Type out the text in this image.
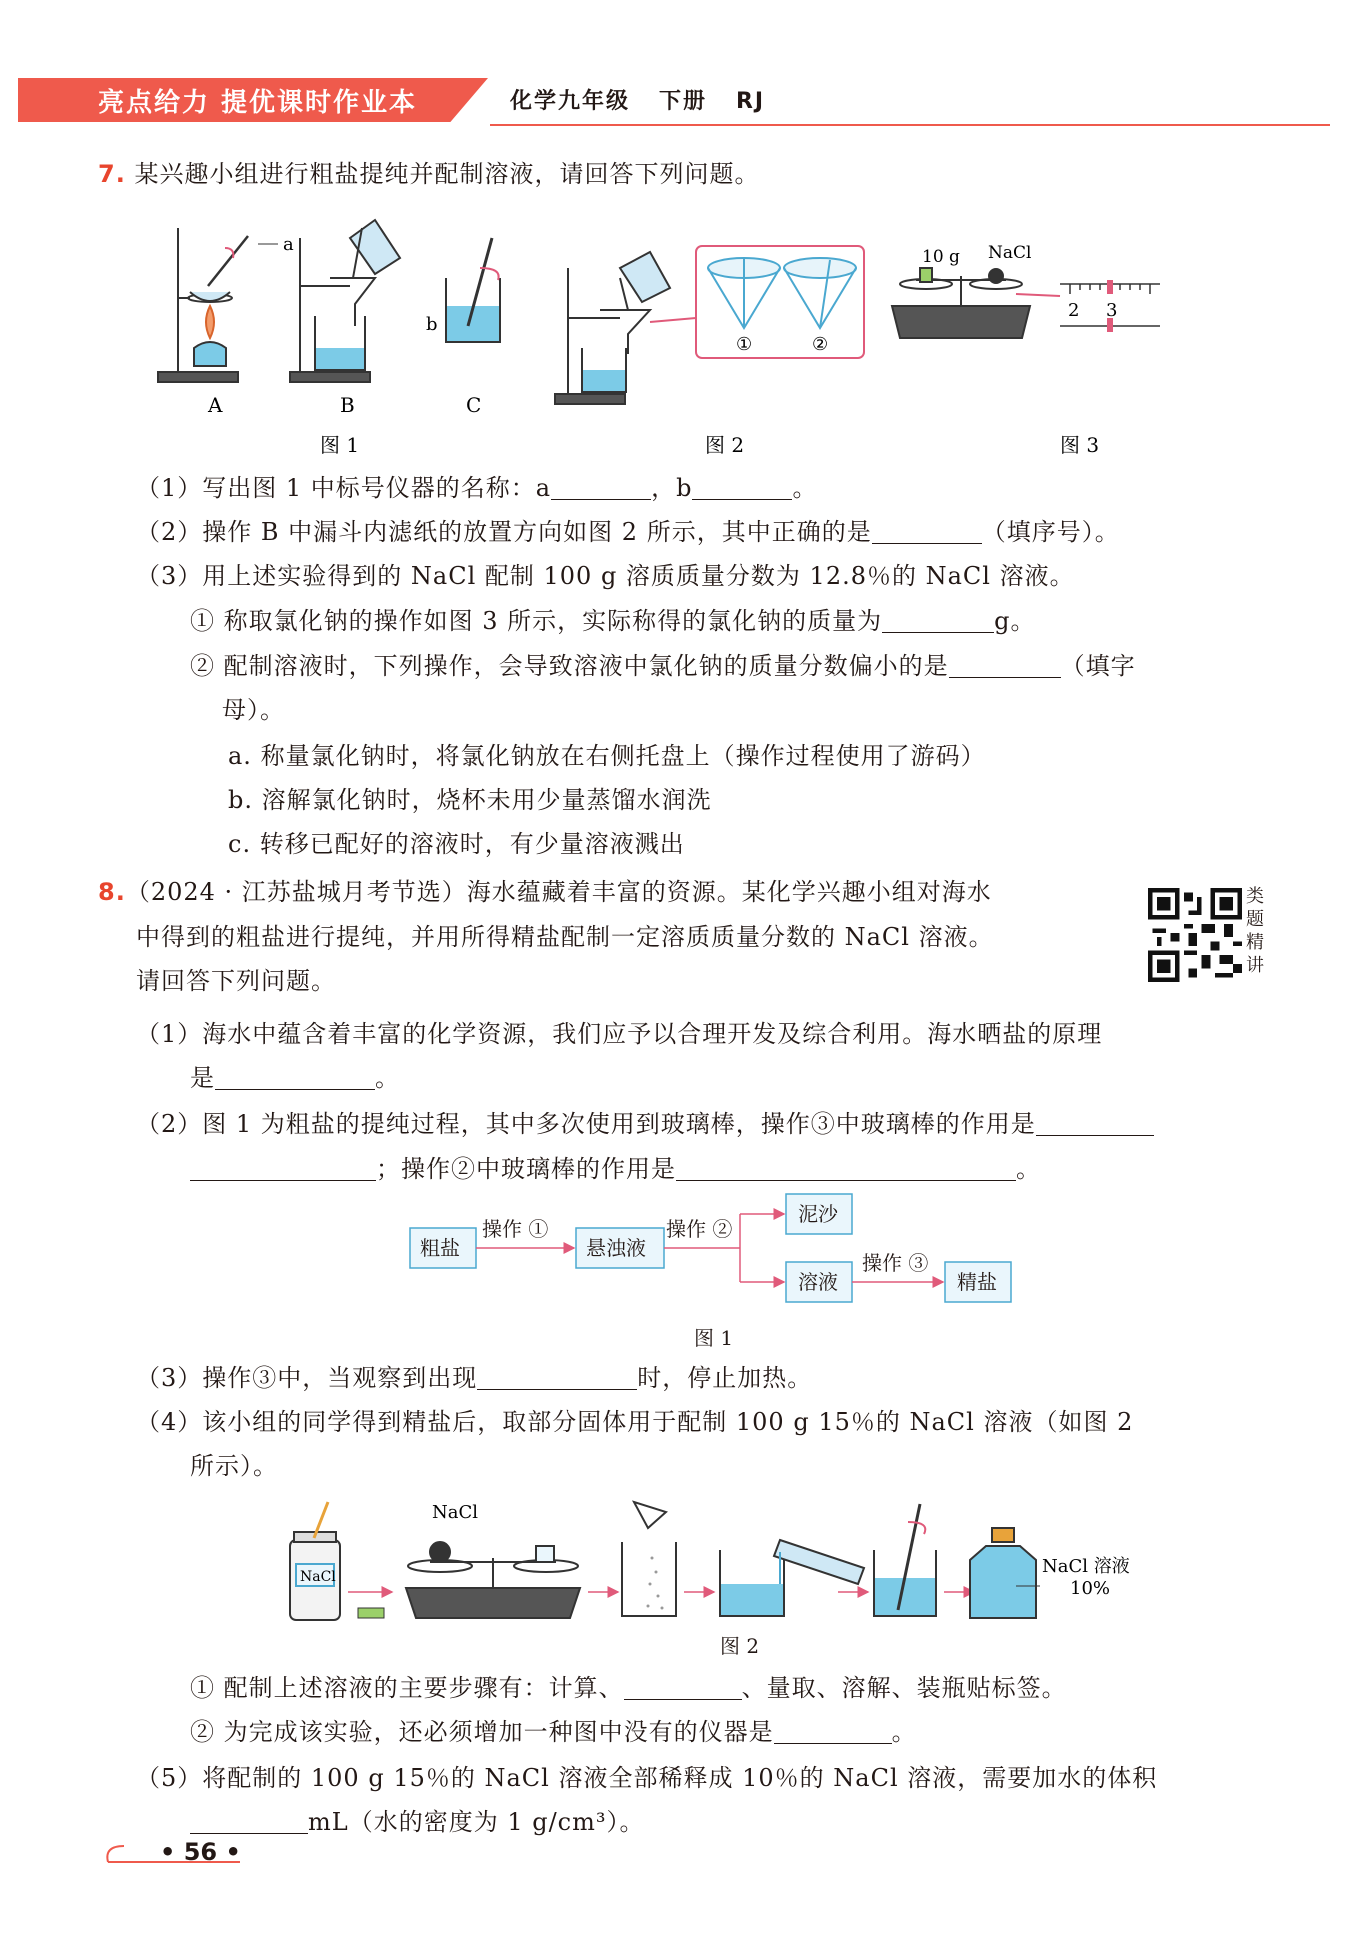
亮点给力 提优课时作业本	化学九年级   下册   RJ
7. 某兴趣小组进行粗盐提纯并配制溶液，请回答下列问题。
a
A	B
b
C
图 1
①	②
图 2
10 g NaCl
2 3
图 3
（1）写出图 1 中标号仪器的名称：a	，b	。
（2）操作 B 中漏斗内滤纸的放置方向如图 2 所示，其中正确的是	（填序号）。
（3）用上述实验得到的 NaCl 配制 100 g 溶质质量分数为 12.8％的 NaCl 溶液。
① 称取氯化钠的操作如图 3 所示，实际称得的氯化钠的质量为	g。
② 配制溶液时，下列操作，会导致溶液中氯化钠的质量分数偏小的是	（填字
母）。
a. 称量氯化钠时，将氯化钠放在右侧托盘上（操作过程使用了游码）
b. 溶解氯化钠时，烧杯未用少量蒸馏水润洗
c. 转移已配好的溶液时，有少量溶液溅出
8.（2024 · 江苏盐城月考节选）海水蕴藏着丰富的资源。某化学兴趣小组对海水
中得到的粗盐进行提纯，并用所得精盐配制一定溶质质量分数的 NaCl 溶液。
请回答下列问题。
类题精讲
（1）海水中蕴含着丰富的化学资源，我们应予以合理开发及综合利用。海水晒盐的原理
是	。
（2）图 1 为粗盐的提纯过程，其中多次使用到玻璃棒，操作③中玻璃棒的作用是
；操作②中玻璃棒的作用是	。
粗盐
操作 ①
悬浊液
操作 ②
泥沙
溶液
操作 ③
精盐
图 1
（3）操作③中，当观察到出现	时，停止加热。
（4）该小组的同学得到精盐后，取部分固体用于配制 100 g 15％的 NaCl 溶液（如图 2
所示）。
NaCl
NaCl
NaCl 溶液
10%
图 2
① 配制上述溶液的主要步骤有：计算、	、量取、溶解、装瓶贴标签。
② 为完成该实验，还必须增加一种图中没有的仪器是	。
（5）将配制的 100 g 15％的 NaCl 溶液全部稀释成 10％的 NaCl 溶液，需要加水的体积
mL（水的密度为 1 g/cm³）。
• 56 •
